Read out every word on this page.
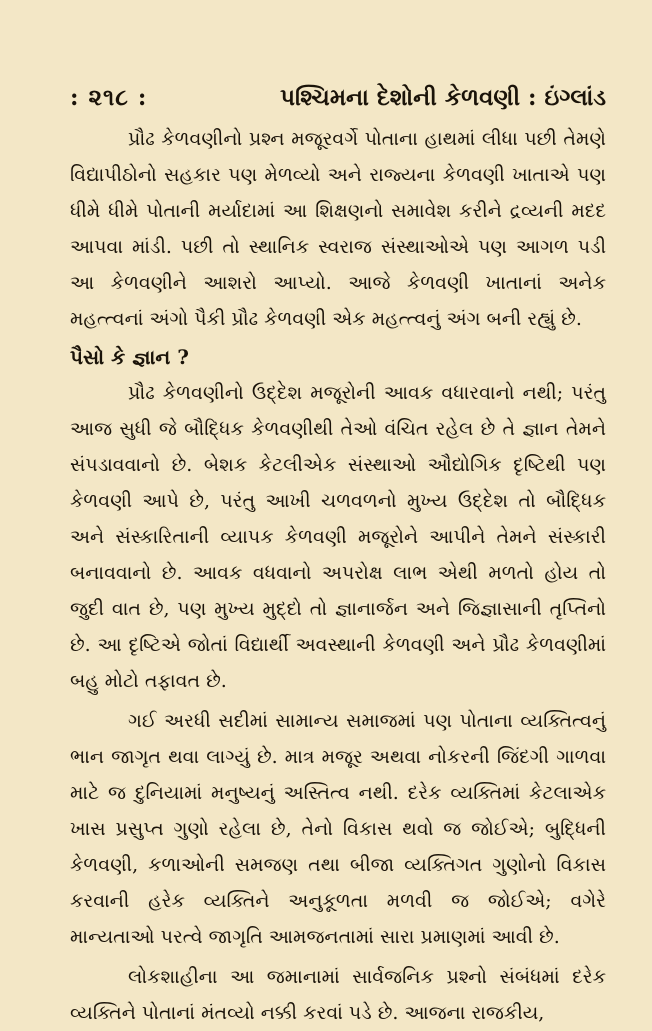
: ૨૧૮ :	પશ્ચિમના દેશોની કેળવણી : ઇંગ્લાંડ

પ્રૌઢ કેળવણીનો પ્રશ્ન મજૂરવર્ગે પોતાના હાથમાં લીધા પછી તેમણે વિદ્યાપીઠોનો સહકાર પણ મેળવ્યો અને રાજ્યના કેળવણી ખાતાએ પણ ધીમે ધીમે પોતાની મર્યાદામાં આ શિક્ષણનો સમાવેશ કરીને દ્રવ્યની મદદ આપવા માંડી. પછી તો સ્થાનિક સ્વરાજ સંસ્થાઓએ પણ આગળ પડી આ કેળવણીને આશરો આપ્યો. આજે કેળવણી ખાતાનાં અનેક મહત્ત્વનાં અંગો પૈકી પ્રૌઢ કેળવણી એક મહત્ત્વનું અંગ બની રહ્યું છે.

પૈસો કે જ્ઞાન ?

પ્રૌઢ કેળવણીનો ઉદ્દેશ મજૂરોની આવક વધારવાનો નથી; પરંતુ આજ સુધી જે બૌદ્ધિક કેળવણીથી તેઓ વંચિત રહેલ છે તે જ્ઞાન તેમને સંપડાવવાનો છે. બેશક કેટલીએક સંસ્થાઓ ઔદ્યોગિક દૃષ્ટિથી પણ કેળવણી આપે છે, પરંતુ આખી ચળવળનો મુખ્ય ઉદ્દેશ તો બૌદ્ધિક અને સંસ્કારિતાની વ્યાપક કેળવણી મજૂરોને આપીને તેમને સંસ્કારી બનાવવાનો છે. આવક વધવાનો અપરોક્ષ લાભ એથી મળતો હોય તો જુદી વાત છે, પણ મુખ્ય મુદ્દો તો જ્ઞાનાર્જન અને જિજ્ઞાસાની તૃપ્તિનો છે. આ દૃષ્ટિએ જોતાં વિદ્યાર્થી અવસ્થાની કેળવણી અને પ્રૌઢ કેળવણીમાં બહુ મોટો તફાવત છે.

ગઈ અરધી સદીમાં સામાન્ય સમાજમાં પણ પોતાના વ્યક્તિત્વનું ભાન જાગૃત થવા લાગ્યું છે. માત્ર મજૂર અથવા નોકરની જિંદગી ગાળવા માટે જ દુનિયામાં મનુષ્યનું અસ્તિત્વ નથી. દરેક વ્યક્તિમાં કેટલાએક ખાસ પ્રસુપ્ત ગુણો રહેલા છે, તેનો વિકાસ થવો જ જોઈએ; બુદ્ધિની કેળવણી, કળાઓની સમજણ તથા બીજા વ્યક્તિગત ગુણોનો વિકાસ કરવાની હરેક વ્યક્તિને અનુકૂળતા મળવી જ જોઈએ; વગેરે માન્યતાઓ પરત્વે જાગૃતિ આમજનતામાં સારા પ્રમાણમાં આવી છે.

લોકશાહીના આ જમાનામાં સાર્વજનિક પ્રશ્નો સંબંધમાં દરેક વ્યક્તિને પોતાનાં મંતવ્યો નક્કી કરવાં પડે છે. આજના રાજકીય,
